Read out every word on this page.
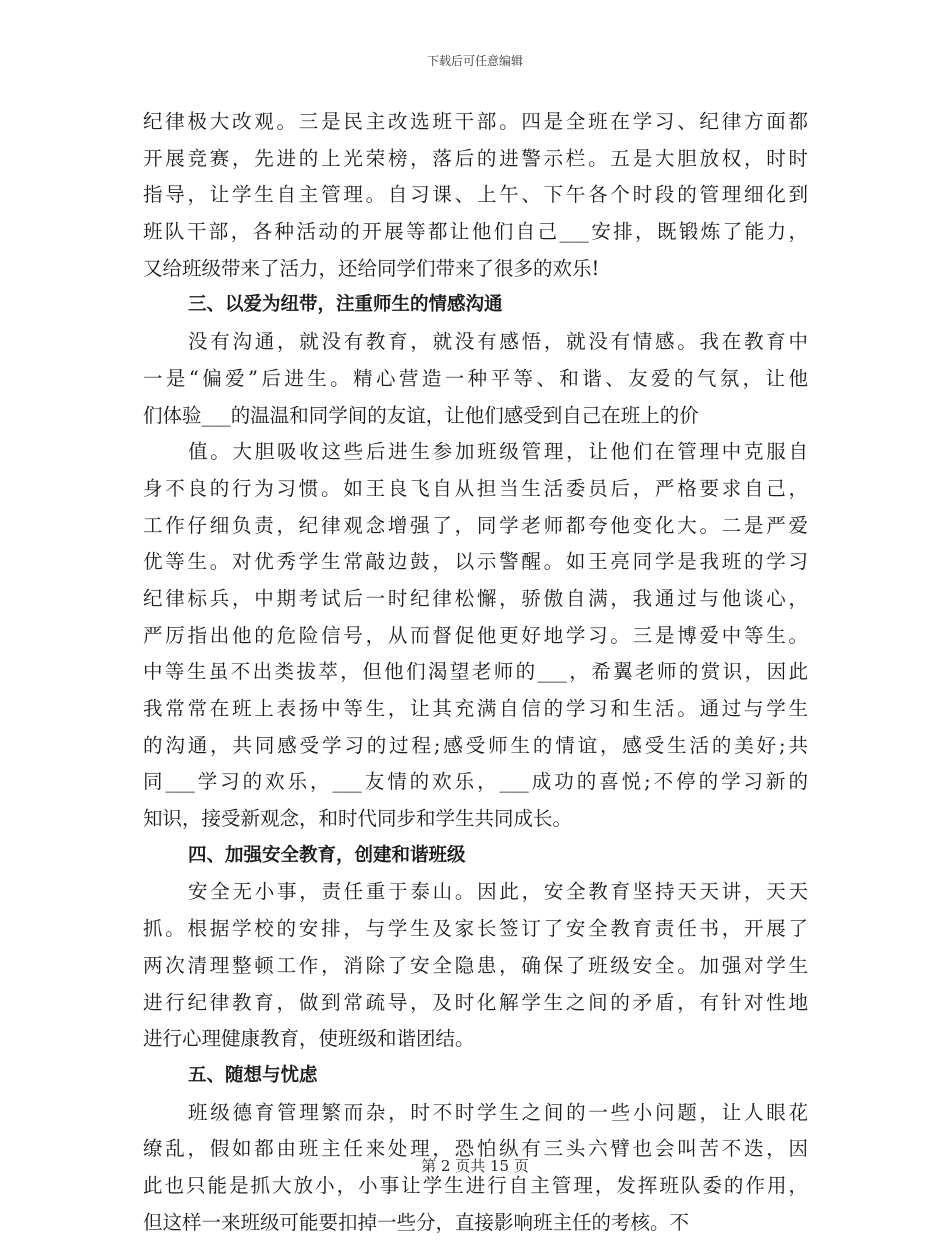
下载后可任意编辑
纪律极大改观。三是民主改选班干部。四是全班在学习、纪律方面都
开展竞赛，先进的上光荣榜，落后的进警示栏。五是大胆放权，时时
指导，让学生自主管理。自习课、上午、下午各个时段的管理细化到
班队干部，各种活动的开展等都让他们自己___安排，既锻炼了能力，
又给班级带来了活力，还给同学们带来了很多的欢乐!
三、以爱为纽带，注重师生的情感沟通
没有沟通，就没有教育，就没有感悟，就没有情感。我在教育中
一是“偏爱”后进生。精心营造一种平等、和谐、友爱的气氛，让他
们体验___的温温和同学间的友谊，让他们感受到自己在班上的价
值。大胆吸收这些后进生参加班级管理，让他们在管理中克服自
身不良的行为习惯。如王良飞自从担当生活委员后，严格要求自己，
工作仔细负责，纪律观念增强了，同学老师都夸他变化大。二是严爱
优等生。对优秀学生常敲边鼓，以示警醒。如王亮同学是我班的学习
纪律标兵，中期考试后一时纪律松懈，骄傲自满，我通过与他谈心，
严厉指出他的危险信号，从而督促他更好地学习。三是博爱中等生。
中等生虽不出类拔萃，但他们渴望老师的___，希翼老师的赏识，因此
我常常在班上表扬中等生，让其充满自信的学习和生活。通过与学生
的沟通，共同感受学习的过程;感受师生的情谊，感受生活的美好;共
同___学习的欢乐，___友情的欢乐，___成功的喜悦;不停的学习新的
知识，接受新观念，和时代同步和学生共同成长。
四、加强安全教育，创建和谐班级
安全无小事，责任重于泰山。因此，安全教育坚持天天讲，天天
抓。根据学校的安排，与学生及家长签订了安全教育责任书，开展了
两次清理整顿工作，消除了安全隐患，确保了班级安全。加强对学生
进行纪律教育，做到常疏导，及时化解学生之间的矛盾，有针对性地
进行心理健康教育，使班级和谐团结。
五、随想与忧虑
班级德育管理繁而杂，时不时学生之间的一些小问题，让人眼花
缭乱，假如都由班主任来处理，恐怕纵有三头六臂也会叫苦不迭，因
此也只能是抓大放小，小事让学生进行自主管理，发挥班队委的作用，
但这样一来班级可能要扣掉一些分，直接影响班主任的考核。不
第 2 页共 15 页
